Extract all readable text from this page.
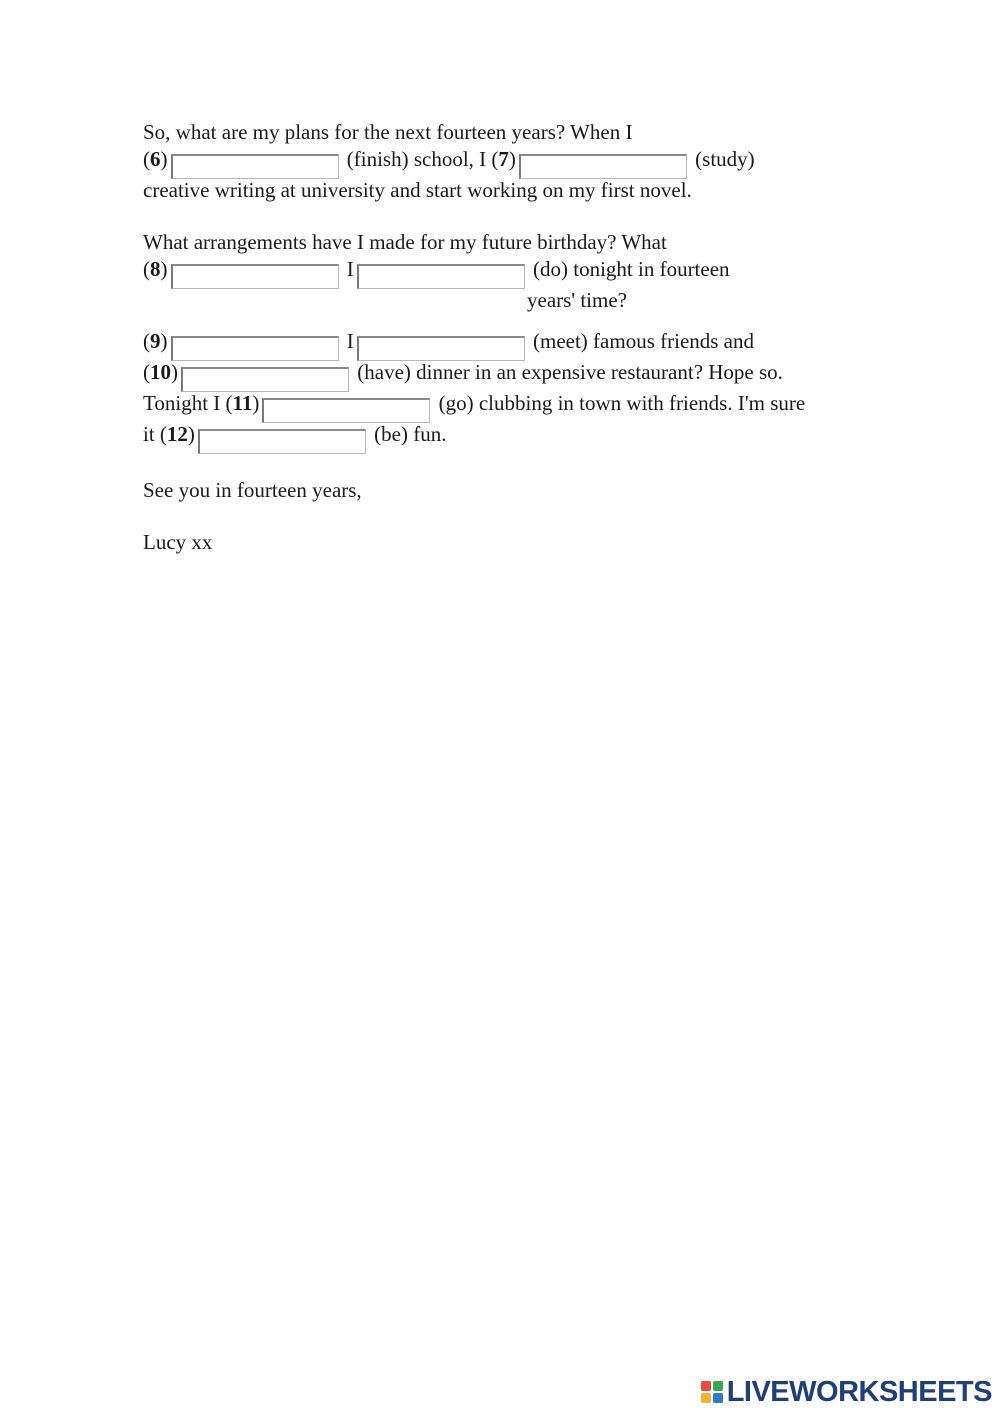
So, what are my plans for the next fourteen years? When I
(6)	(finish) school, I (7)	(study)
creative writing at university and start working on my first novel.
What arrangements have I made for my future birthday? What
(8)	I	(do) tonight in fourteen
years' time?
(9)	I	(meet) famous friends and
(10)	(have) dinner in an expensive restaurant? Hope so.
Tonight I (11)	(go) clubbing in town with friends. I'm sure
it (12)	(be) fun.
See you in fourteen years,
Lucy xx
LIVEWORKSHEETS
